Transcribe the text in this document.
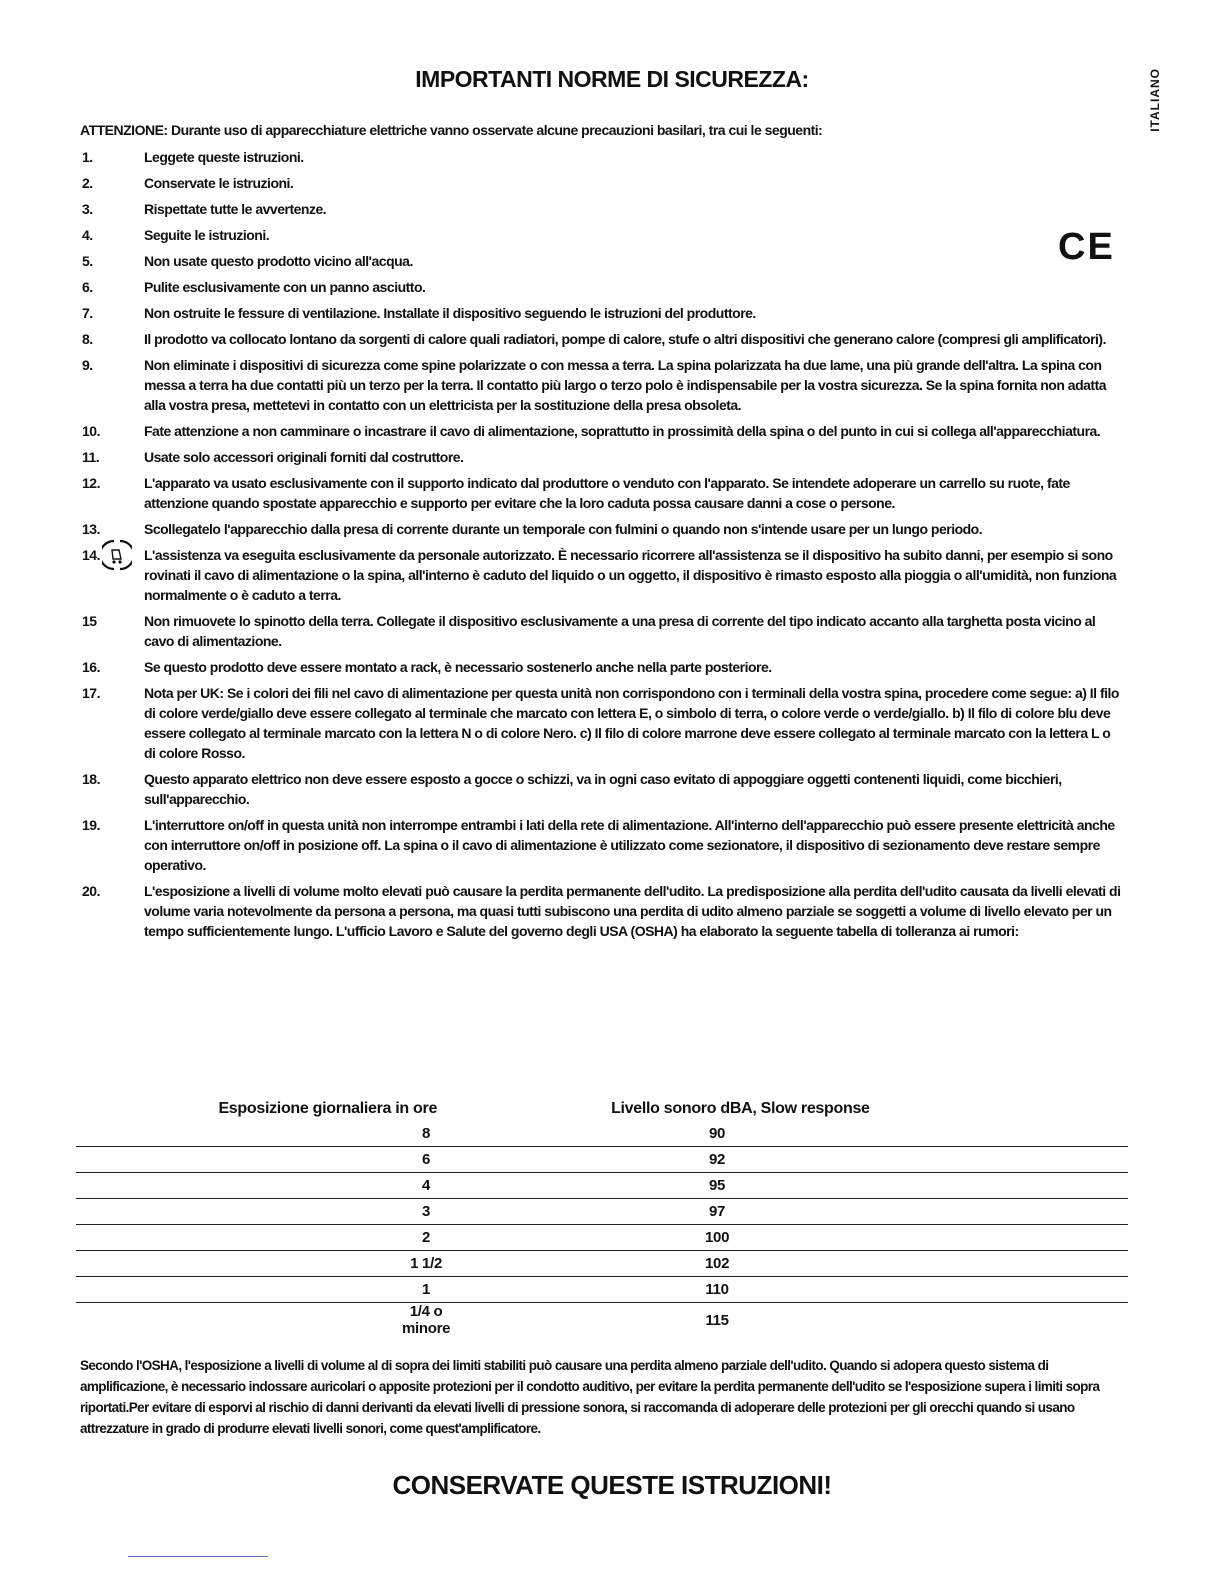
IMPORTANTI NORME DI SICUREZZA:	ITALIANO
CE

ATTENZIONE: Durante uso di apparecchiature elettriche vanno osservate alcune precauzioni basilari, tra cui le seguenti:

1.	Leggete queste istruzioni.
2.	Conservate le istruzioni.
3.	Rispettate tutte le avvertenze.
4.	Seguite le istruzioni.
5.	Non usate questo prodotto vicino all'acqua.
6.	Pulite esclusivamente con un panno asciutto.
7.	Non ostruite le fessure di ventilazione. Installate il dispositivo seguendo le istruzioni del produttore.
8.	Il prodotto va collocato lontano da sorgenti di calore quali radiatori, pompe di calore, stufe o altri dispositivi che generano calore (compresi gli amplificatori).
9.	Non eliminate i dispositivi di sicurezza come spine polarizzate o con messa a terra. La spina polarizzata ha due lame, una più grande dell'altra. La spina con messa a terra ha due contatti più un terzo per la terra. Il contatto più largo o terzo polo è indispensabile per la vostra sicurezza. Se la spina fornita non adatta alla vostra presa, mettetevi in contatto con un elettricista per la sostituzione della presa obsoleta.
10.	Fate attenzione a non camminare o incastrare il cavo di alimentazione, soprattutto in prossimità della spina o del punto in cui si collega all'apparecchiatura.
11.	Usate solo accessori originali forniti dal costruttore.
12.	L'apparato va usato esclusivamente con il supporto indicato dal produttore o venduto con l'apparato. Se intendete adoperare un carrello su ruote, fate attenzione quando spostate apparecchio e supporto per evitare che la loro caduta possa causare danni a cose o persone.
13.	Scollegatelo l'apparecchio dalla presa di corrente durante un temporale con fulmini o quando non s'intende usare per un lungo periodo.
14.	L'assistenza va eseguita esclusivamente da personale autorizzato. È necessario ricorrere all'assistenza se il dispositivo ha subito danni, per esempio si sono rovinati il cavo di alimentazione o la spina, all'interno è caduto del liquido o un oggetto, il dispositivo è rimasto esposto alla pioggia o all'umidità, non funziona normalmente o è caduto a terra.
15	Non rimuovete lo spinotto della terra. Collegate il dispositivo esclusivamente a una presa di corrente del tipo indicato accanto alla targhetta posta vicino al cavo di alimentazione.
16.	Se questo prodotto deve essere montato a rack, è necessario sostenerlo anche nella parte posteriore.
17.	Nota per UK: Se i colori dei fili nel cavo di alimentazione per questa unità non corrispondono con i terminali della vostra spina, procedere come segue: a) Il filo di colore verde/giallo deve essere collegato al terminale che marcato con lettera E, o simbolo di terra, o colore verde o verde/giallo. b) Il filo di colore blu deve essere collegato al terminale marcato con la lettera N o di colore Nero. c) Il filo di colore marrone deve essere collegato al terminale marcato con la lettera L o di colore Rosso.
18.	Questo apparato elettrico non deve essere esposto a gocce o schizzi, va in ogni caso evitato di appoggiare oggetti contenenti liquidi, come bicchieri, sull'apparecchio.
19.	L'interruttore on/off in questa unità non interrompe entrambi i lati della rete di alimentazione. All'interno dell'apparecchio può essere presente elettricità anche con interruttore on/off in posizione off. La spina o il cavo di alimentazione è utilizzato come sezionatore, il dispositivo di sezionamento deve restare sempre operativo.
20.	L'esposizione a livelli di volume molto elevati può causare la perdita permanente dell'udito. La predisposizione alla perdita dell'udito causata da livelli elevati di volume varia notevolmente da persona a persona, ma quasi tutti subiscono una perdita di udito almeno parziale se soggetti a volume di livello elevato per un tempo sufficientemente lungo. L'ufficio Lavoro e Salute del governo degli USA (OSHA) ha elaborato la seguente tabella di tolleranza ai rumori:
Esposizione giornaliera in ore	Livello sonoro dBA, Slow response
8	90
6	92
4	95
3	97
2	100
1 1/2	102
1	110
1/4 o minore	115

Secondo l'OSHA, l'esposizione a livelli di volume al di sopra dei limiti stabiliti può causare una perdita almeno parziale dell'udito. Quando si adopera questo sistema di amplificazione, è necessario indossare auricolari o apposite protezioni per il condotto auditivo, per evitare la perdita permanente dell'udito se l'esposizione supera i limiti sopra riportati.Per evitare di esporvi al rischio di danni derivanti da elevati livelli di pressione sonora, si raccomanda di adoperare delle protezioni per gli orecchi quando si usano attrezzature in grado di produrre elevati livelli sonori, come quest'amplificatore.

CONSERVATE QUESTE ISTRUZIONI!
